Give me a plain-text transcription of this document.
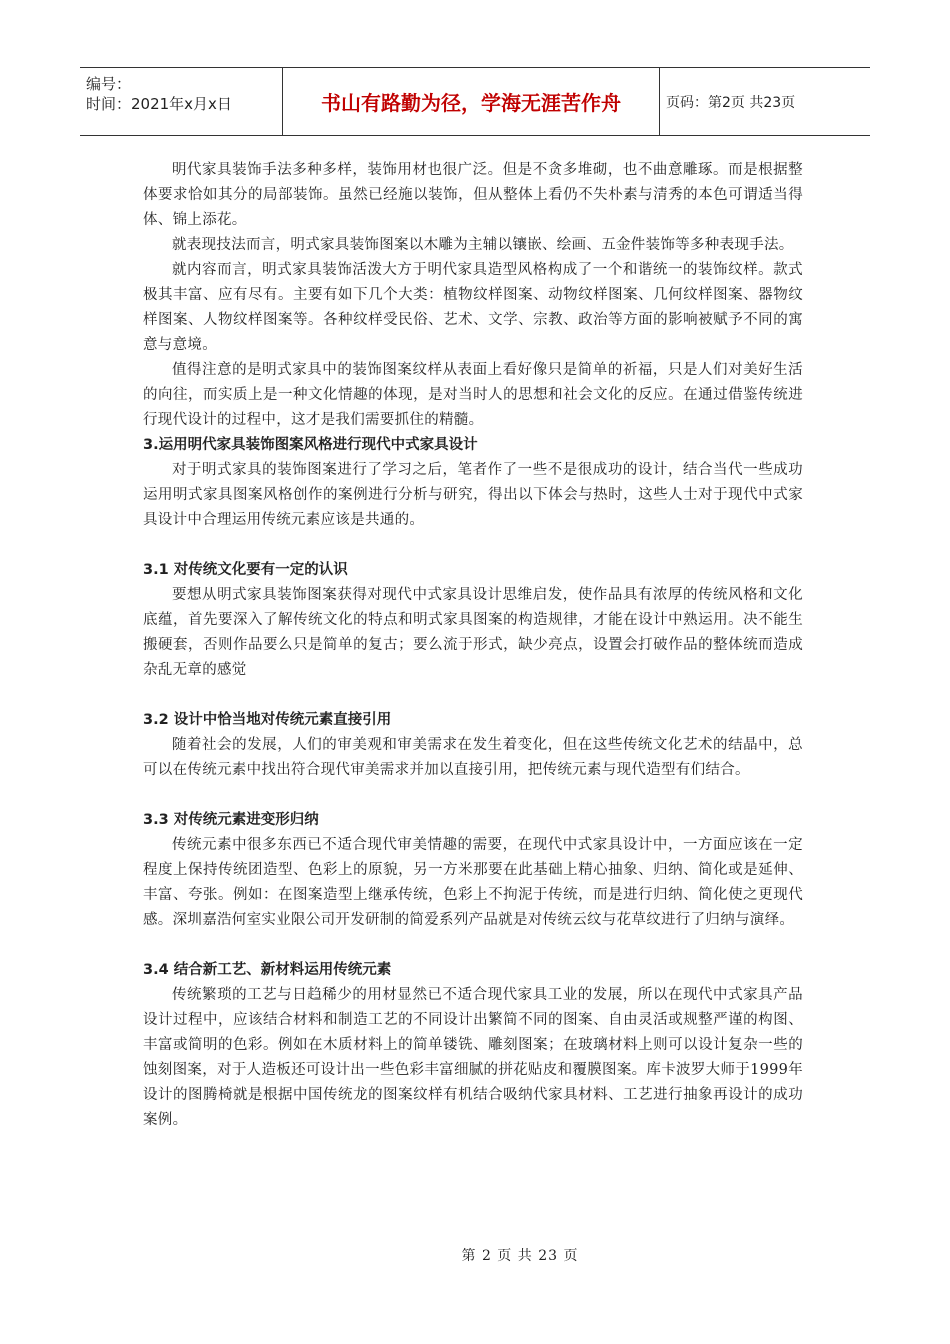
编号：
时间：2021年x月x日	书山有路勤为径，学海无涯苦作舟	页码：第2页 共23页

明代家具装饰手法多种多样，装饰用材也很广泛。但是不贪多堆砌，也不曲意雕琢。而是根据整体要求恰如其分的局部装饰。虽然已经施以装饰，但从整体上看仍不失朴素与清秀的本色可谓适当得体、锦上添花。

就表现技法而言，明式家具装饰图案以木雕为主辅以镶嵌、绘画、五金件装饰等多种表现手法。

就内容而言，明式家具装饰活泼大方于明代家具造型风格构成了一个和谐统一的装饰纹样。款式极其丰富、应有尽有。主要有如下几个大类：植物纹样图案、动物纹样图案、几何纹样图案、器物纹样图案、人物纹样图案等。各种纹样受民俗、艺术、文学、宗教、政治等方面的影响被赋予不同的寓意与意境。

值得注意的是明式家具中的装饰图案纹样从表面上看好像只是简单的祈福，只是人们对美好生活的向往，而实质上是一种文化情趣的体现，是对当时人的思想和社会文化的反应。在通过借鉴传统进行现代设计的过程中，这才是我们需要抓住的精髓。

3.运用明代家具装饰图案风格进行现代中式家具设计

对于明式家具的装饰图案进行了学习之后，笔者作了一些不是很成功的设计，结合当代一些成功运用明式家具图案风格创作的案例进行分析与研究，得出以下体会与热时，这些人士对于现代中式家具设计中合理运用传统元素应该是共通的。

3.1 对传统文化要有一定的认识

要想从明式家具装饰图案获得对现代中式家具设计思维启发，使作品具有浓厚的传统风格和文化底蕴，首先要深入了解传统文化的特点和明式家具图案的构造规律，才能在设计中熟运用。决不能生搬硬套，否则作品要么只是简单的复古；要么流于形式，缺少亮点，设置会打破作品的整体统而造成杂乱无章的感觉

3.2 设计中恰当地对传统元素直接引用

随着社会的发展，人们的审美观和审美需求在发生着变化，但在这些传统文化艺术的结晶中，总可以在传统元素中找出符合现代审美需求并加以直接引用，把传统元素与现代造型有们结合。

3.3 对传统元素进变形归纳

传统元素中很多东西已不适合现代审美情趣的需要，在现代中式家具设计中，一方面应该在一定程度上保持传统团造型、色彩上的原貌，另一方米那要在此基础上精心抽象、归纳、简化或是延伸、丰富、夸张。例如：在图案造型上继承传统，色彩上不拘泥于传统，而是进行归纳、简化使之更现代感。深圳嘉浩何室实业限公司开发研制的简爱系列产品就是对传统云纹与花草纹进行了归纳与演绎。

3.4 结合新工艺、新材料运用传统元素

传统繁琐的工艺与日趋稀少的用材显然已不适合现代家具工业的发展，所以在现代中式家具产品设计过程中，应该结合材料和制造工艺的不同设计出繁简不同的图案、自由灵活或规整严谨的构图、丰富或简明的色彩。例如在木质材料上的简单镂铣、雕刻图案；在玻璃材料上则可以设计复杂一些的蚀刻图案，对于人造板还可设计出一些色彩丰富细腻的拼花贴皮和覆膜图案。库卡波罗大师于1999年设计的图腾椅就是根据中国传统龙的图案纹样有机结合吸纳代家具材料、工艺进行抽象再设计的成功案例。

第 2 页 共 23 页
